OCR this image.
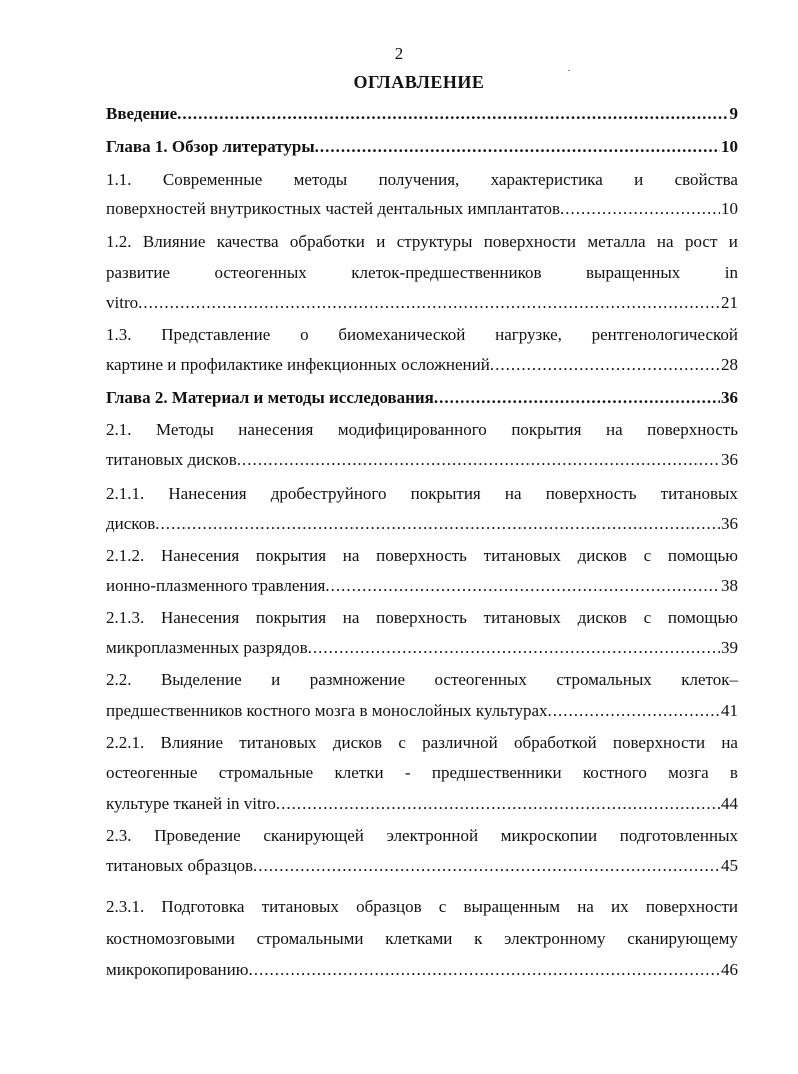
2
ОГЛАВЛЕНИЕ
Введение .....	9
Глава 1. Обзор литературы .....	10
1.1. Современные методы получения, характеристика и свойства
поверхностей внутрикостных частей дентальных имплантатов .....	10
1.2. Влияние качества обработки и структуры поверхности металла на рост и
развитие	остеогенных	клеток-предшественников	выращенных	in
vitro .....	21
1.3. Представление о биомеханической нагрузке, рентгенологической
картине и профилактике инфекционных осложнений .....	28
Глава 2. Материал и методы исследования .....	36
2.1. Методы нанесения модифицированного покрытия на поверхность
титановых дисков .....	36
2.1.1. Нанесения дробеструйного покрытия на поверхность титановых
дисков .....	36
2.1.2. Нанесения покрытия на поверхность титановых дисков с помощью
ионно-плазменного травления .....	38
2.1.3. Нанесения покрытия на поверхность титановых дисков с помощью
микроплазменных разрядов .....	39
2.2. Выделение и размножение остеогенных стромальных клеток–
предшественников костного мозга в монослойных культурах .....	41
2.2.1. Влияние титановых дисков с различной обработкой поверхности на
остеогенные стромальные клетки - предшественники костного мозга в
культуре тканей in vitro .....	44
2.3. Проведение сканирующей электронной микроскопии подготовленных
титановых образцов .....	45
2.3.1. Подготовка титановых образцов с выращенным на их поверхности
костномозговыми стромальными клетками к электронному сканирующему
микрокопированию .....	46
